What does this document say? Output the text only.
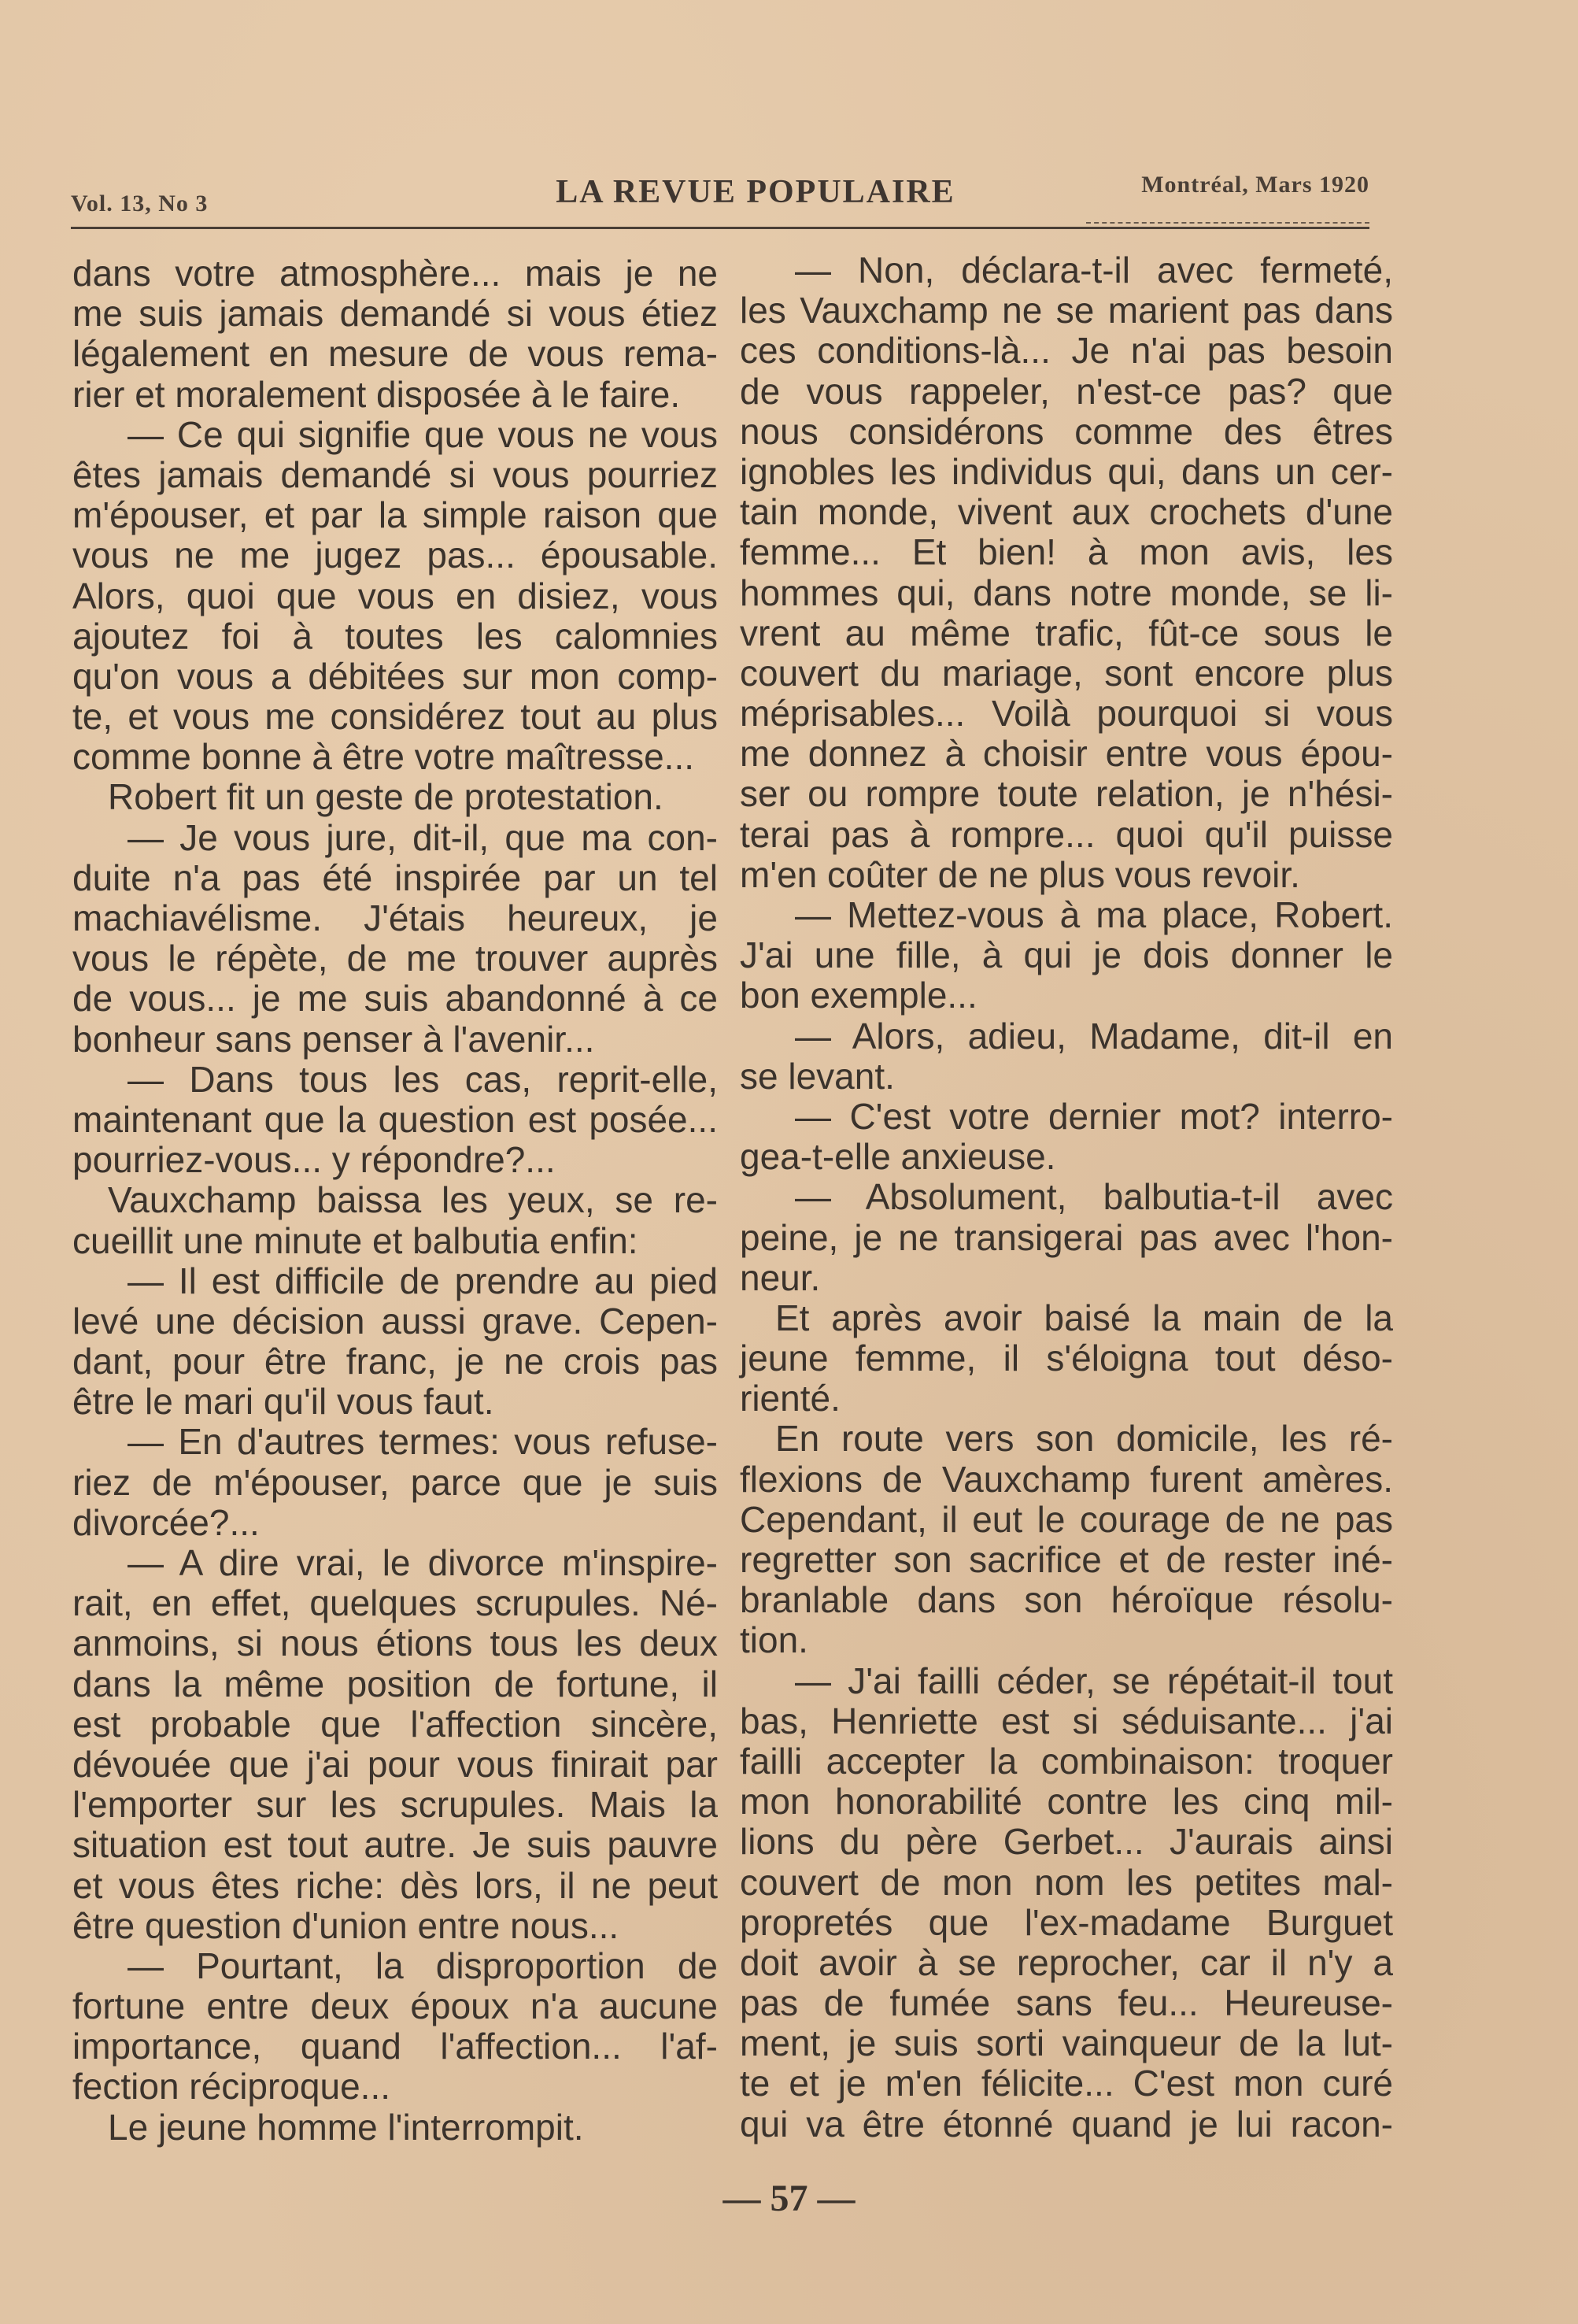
Vol. 13, No 3	LA REVUE POPULAIRE	Montréal, Mars 1920
dans votre atmosphère... mais je ne
me suis jamais demandé si vous étiez
légalement en mesure de vous rema-
rier et moralement disposée à le faire.
— Ce qui signifie que vous ne vous
êtes jamais demandé si vous pourriez
m'épouser, et par la simple raison que
vous ne me jugez pas... épousable.
Alors, quoi que vous en disiez, vous
ajoutez foi à toutes les calomnies
qu'on vous a débitées sur mon comp-
te, et vous me considérez tout au plus
comme bonne à être votre maîtresse...
Robert fit un geste de protestation.
— Je vous jure, dit-il, que ma con-
duite n'a pas été inspirée par un tel
machiavélisme. J'étais heureux, je
vous le répète, de me trouver auprès
de vous... je me suis abandonné à ce
bonheur sans penser à l'avenir...
— Dans tous les cas, reprit-elle,
maintenant que la question est posée...
pourriez-vous... y répondre?...
Vauxchamp baissa les yeux, se re-
cueillit une minute et balbutia enfin:
— Il est difficile de prendre au pied
levé une décision aussi grave. Cepen-
dant, pour être franc, je ne crois pas
être le mari qu'il vous faut.
— En d'autres termes: vous refuse-
riez de m'épouser, parce que je suis
divorcée?...
— A dire vrai, le divorce m'inspire-
rait, en effet, quelques scrupules. Né-
anmoins, si nous étions tous les deux
dans la même position de fortune, il
est probable que l'affection sincère,
dévouée que j'ai pour vous finirait par
l'emporter sur les scrupules. Mais la
situation est tout autre. Je suis pauvre
et vous êtes riche: dès lors, il ne peut
être question d'union entre nous...
— Pourtant, la disproportion de
fortune entre deux époux n'a aucune
importance, quand l'affection... l'af-
fection réciproque...
Le jeune homme l'interrompit.
— Non, déclara-t-il avec fermeté,
les Vauxchamp ne se marient pas dans
ces conditions-là... Je n'ai pas besoin
de vous rappeler, n'est-ce pas? que
nous considérons comme des êtres
ignobles les individus qui, dans un cer-
tain monde, vivent aux crochets d'une
femme... Et bien! à mon avis, les
hommes qui, dans notre monde, se li-
vrent au même trafic, fût-ce sous le
couvert du mariage, sont encore plus
méprisables... Voilà pourquoi si vous
me donnez à choisir entre vous épou-
ser ou rompre toute relation, je n'hési-
terai pas à rompre... quoi qu'il puisse
m'en coûter de ne plus vous revoir.
— Mettez-vous à ma place, Robert.
J'ai une fille, à qui je dois donner le
bon exemple...
— Alors, adieu, Madame, dit-il en
se levant.
— C'est votre dernier mot? interro-
gea-t-elle anxieuse.
— Absolument, balbutia-t-il avec
peine, je ne transigerai pas avec l'hon-
neur.
Et après avoir baisé la main de la
jeune femme, il s'éloigna tout déso-
rienté.
En route vers son domicile, les ré-
flexions de Vauxchamp furent amères.
Cependant, il eut le courage de ne pas
regretter son sacrifice et de rester iné-
branlable dans son héroïque résolu-
tion.
— J'ai failli céder, se répétait-il tout
bas, Henriette est si séduisante... j'ai
failli accepter la combinaison: troquer
mon honorabilité contre les cinq mil-
lions du père Gerbet... J'aurais ainsi
couvert de mon nom les petites mal-
propretés que l'ex-madame Burguet
doit avoir à se reprocher, car il n'y a
pas de fumée sans feu... Heureuse-
ment, je suis sorti vainqueur de la lut-
te et je m'en félicite... C'est mon curé
qui va être étonné quand je lui racon-
— 57 —
